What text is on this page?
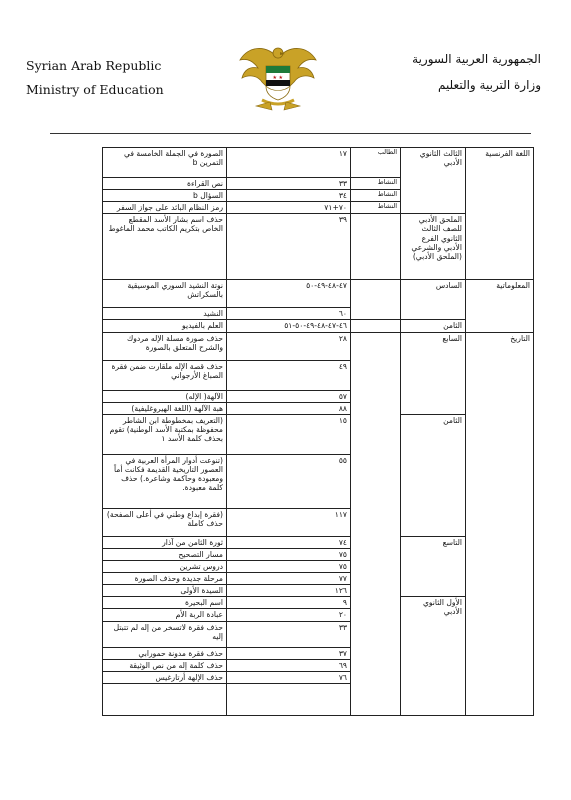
Syrian Arab Republic
Ministry of Education
الجمهورية العربية السورية
وزارة التربية والتعليم
★ ★
اللغة الفرنسية	الثالث الثانوي الأدبي	الطالب	١٧	الصورة في الجملة الخامسة في التمرين b
		النشاط	٣٣	نص القراءة
		النشاط	٣٤	السؤال b
		النشاط	٧٠+٧١	رمز النظام البائد على جواز السفر
	الملحق الأدبي للصف الثالث الثانوي الفرع الأدبي والشرعي (الملحق الأدبي)		٣٩	حذف اسم بشار الأسد المقطع الخاص بتكريم الكاتب محمد الماغوط
المعلوماتية	السادس		٤٧-٤٨-٤٩-٥٠	نوتة النشيد السوري الموسيقية بالسكراتش
			٦٠	النشيد
	الثامن		٤٦-٤٧-٤٨-٤٩-٥٠-٥١	العلم بالفيديو
التاريخ	السابع		٢٨	حذف صورة مسلة الإله مردوك والشرح المتعلق بالصورة
			٤٩	حذف قصة الإله ملقارت ضمن فقرة الصباغ الأرجواني
			٥٧	الآلهة( الإله)
			٨٨	هبة الآلهة (اللغة الهيروغليفية)
	الثامن		١٥	(التعريف بمخطوطة ابن الشاطر محفوظة بمكتبة الأسد الوطنية) تقوم بحذف كلمة الأسد ١
			٥٥	(تنوعت أدوار المرأة العربية في العصور التاريخية القديمة فكانت أماً ومعبودة وحاكمة وشاعرة.) حذف كلمة معبودة.
			١١٧	(فقرة إبداع وطني في أعلى الصفحة) حذف كاملة
	التاسع		٧٤	ثورة الثامن من آذار
			٧٥	مسار التصحيح
			٧٥	دروس تشرين
			٧٧	مرحلة جديدة وحذف الصورة
			١٢٦	السيدة الأولى
	الأول الثانوي الأدبي		٩	اسم البحيرة
			٢٠	عبادة الربة الأم
			٣٣	حذف فقرة لاتسخر من إله لم تتبتل إليه
			٣٧	حذف فقرة مدونة حمورابي
			٦٩	حذف كلمة إله من نص الوثيقة
			٧٦	حذف الإلهة أرتارغيس
